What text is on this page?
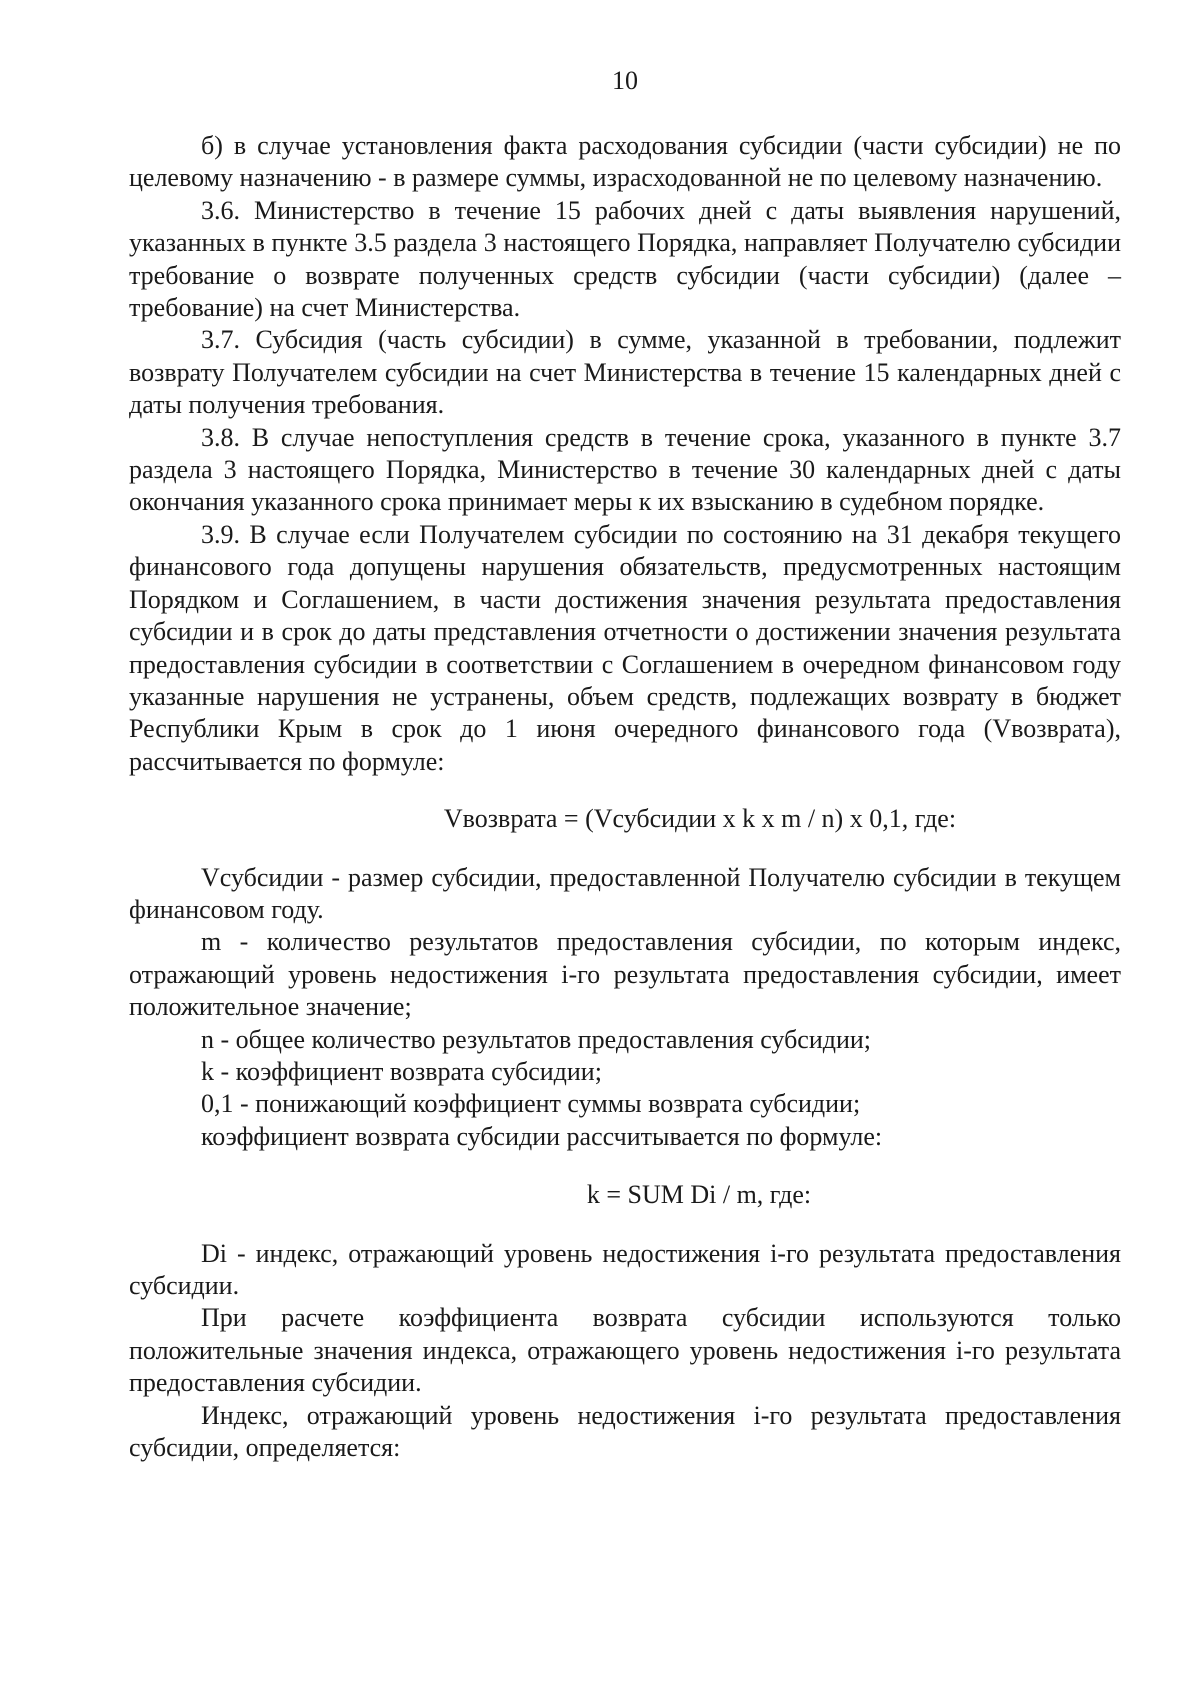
10

б) в случае установления факта расходования субсидии (части субсидии) не по целевому назначению - в размере суммы, израсходованной не по целевому назначению.

3.6. Министерство в течение 15 рабочих дней с даты выявления нарушений, указанных в пункте 3.5 раздела 3 настоящего Порядка, направляет Получателю субсидии требование о возврате полученных средств субсидии (части субсидии) (далее – требование) на счет Министерства.

3.7. Субсидия (часть субсидии) в сумме, указанной в требовании, подлежит возврату Получателем субсидии на счет Министерства в течение 15 календарных дней с даты получения требования.

3.8. В случае непоступления средств в течение срока, указанного в пункте 3.7 раздела 3 настоящего Порядка, Министерство в течение 30 календарных дней с даты окончания указанного срока принимает меры к их взысканию в судебном порядке.

3.9. В случае если Получателем субсидии по состоянию на 31 декабря текущего финансового года допущены нарушения обязательств, предусмотренных настоящим Порядком и Соглашением, в части достижения значения результата предоставления субсидии и в срок до даты представления отчетности о достижении значения результата предоставления субсидии в соответствии с Соглашением в очередном финансовом году указанные нарушения не устранены, объем средств, подлежащих возврату в бюджет Республики Крым в срок до 1 июня очередного финансового года (Vвозврата), рассчитывается по формуле:

Vвозврата = (Vсубсидии x k x m / n) x 0,1, где:

Vсубсидии - размер субсидии, предоставленной Получателю субсидии в текущем финансовом году.

m - количество результатов предоставления субсидии, по которым индекс, отражающий уровень недостижения i-го результата предоставления субсидии, имеет положительное значение;

n - общее количество результатов предоставления субсидии;

k - коэффициент возврата субсидии;

0,1 - понижающий коэффициент суммы возврата субсидии;

коэффициент возврата субсидии рассчитывается по формуле:

k = SUM Di / m, где:

Di - индекс, отражающий уровень недостижения i-го результата предоставления субсидии.

При расчете коэффициента возврата субсидии используются только положительные значения индекса, отражающего уровень недостижения i-го результата предоставления субсидии.

Индекс, отражающий уровень недостижения i-го результата предоставления субсидии, определяется:
